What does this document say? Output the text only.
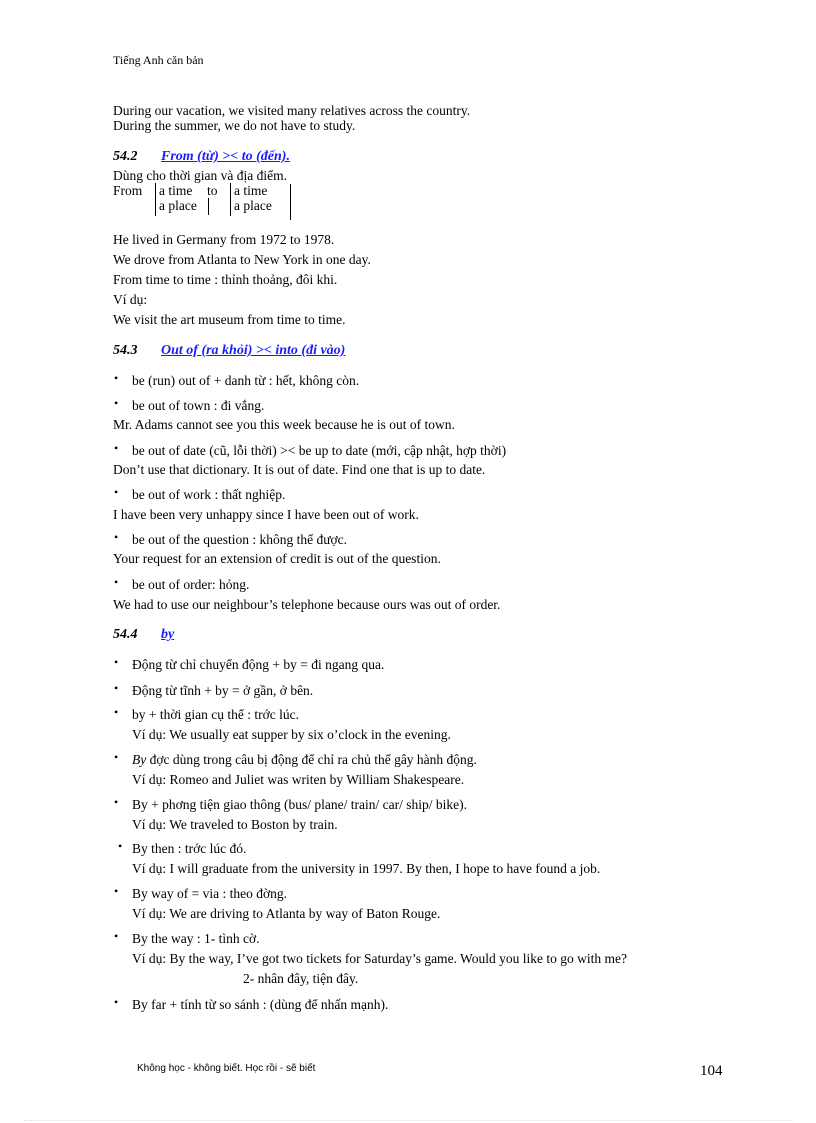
Tiếng Anh căn bản
During our vacation, we visited many relatives across the country.
During the summer, we do not have to study.
54.2 From (từ) >< to (đến).
Dùng cho thời gian và địa điểm.
From a time
a place
to a time
a place
He lived in Germany from 1972 to 1978.
We drove from Atlanta to New York in one day.
From time to time : thỉnh thoảng, đôi khi.
Ví dụ:
We visit the art museum from time to time.
54.3 Out of (ra khỏi) >< into (đi vào)
• be (run) out of + danh từ : hết, không còn.
• be out of town : đi vắng.
Mr. Adams cannot see you this week because he is out of town.
• be out of date (cũ, lỗi thời) >< be up to date (mới, cập nhật, hợp thời)
Don’t use that dictionary. It is out of date. Find one that is up to date.
• be out of work : thất nghiệp.
I have been very unhappy since I have been out of work.
• be out of the question : không thể được.
Your request for an extension of credit is out of the question.
• be out of order: hỏng.
We had to use our neighbour’s telephone because ours was out of order.
54.4 by
• Động từ chỉ chuyển động + by = đi ngang qua.
• Động từ tĩnh + by = ở gần, ở bên.
• by + thời gian cụ thể : trớc lúc.
Ví dụ: We usually eat supper by six o’clock in the evening.
• By đợc dùng trong câu bị động để chỉ ra chủ thể gây hành động.
Ví dụ: Romeo and Juliet was writen by William Shakespeare.
• By + phơng tiện giao thông (bus/ plane/ train/ car/ ship/ bike).
Ví dụ: We traveled to Boston by train.
• By then : trớc lúc đó.
Ví dụ: I will graduate from the university in 1997. By then, I hope to have found a job.
• By way of = via : theo đờng.
Ví dụ: We are driving to Atlanta by way of Baton Rouge.
• By the way : 1- tình cờ.
Ví dụ: By the way, I’ve got two tickets for Saturday’s game. Would you like to go with me?
2- nhân đây, tiện đây.
• By far + tính từ so sánh : (dùng để nhấn mạnh).
Không học - không biết. Học rồi - sẽ biết	104
